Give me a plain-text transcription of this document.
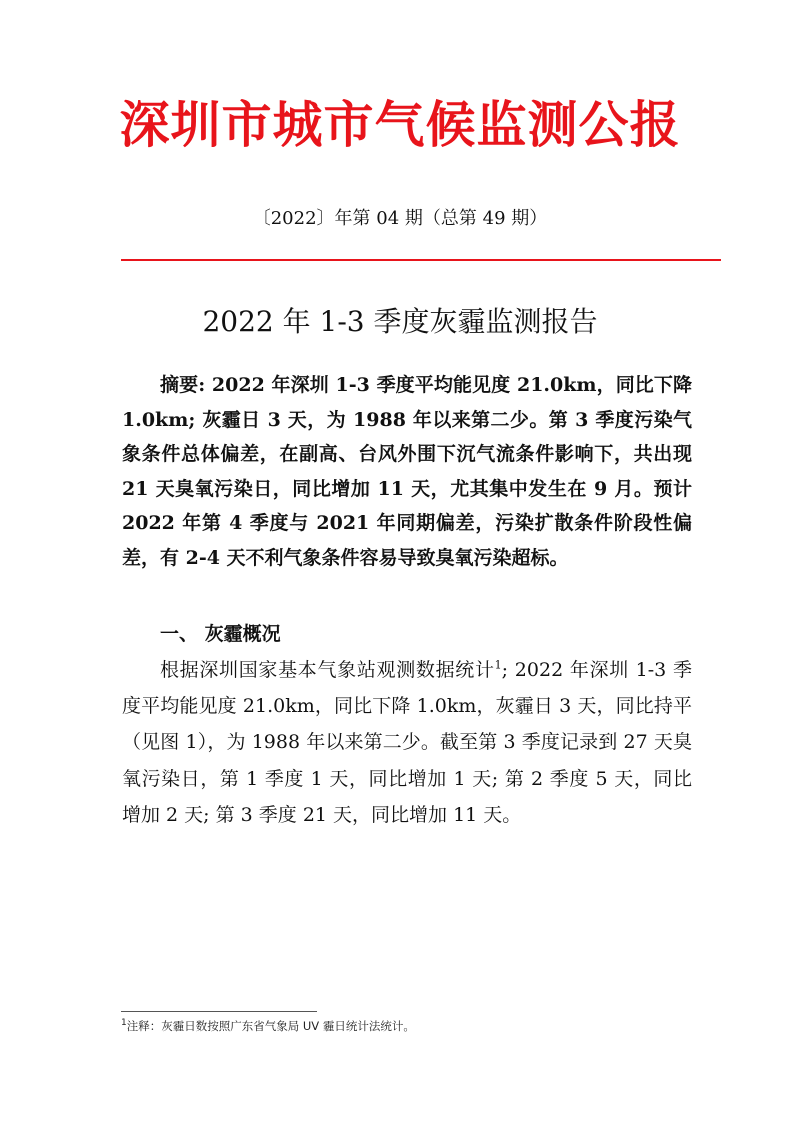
深圳市城市气候监测公报
〔2022〕年第 04 期（总第 49 期）
2022 年 1-3 季度灰霾监测报告
摘要: 2022 年深圳 1-3 季度平均能见度 21.0km，同比下降 1.0km; 灰霾日 3 天，为 1988 年以来第二少。第 3 季度污染气象条件总体偏差，在副高、台风外围下沉气流条件影响下，共出现 21 天臭氧污染日，同比增加 11 天，尤其集中发生在 9 月。预计 2022 年第 4 季度与 2021 年同期偏差，污染扩散条件阶段性偏差，有 2-4 天不利气象条件容易导致臭氧污染超标。
一、 灰霾概况
根据深圳国家基本气象站观测数据统计$^1$; 2022 年深圳 1-3 季度平均能见度 21.0km，同比下降 1.0km，灰霾日 3 天，同比持平（见图 1），为 1988 年以来第二少。截至第 3 季度记录到 27 天臭氧污染日，第 1 季度 1 天，同比增加 1 天; 第 2 季度 5 天，同比增加 2 天; 第 3 季度 21 天，同比增加 11 天。
$^1$注释：灰霾日数按照广东省气象局 UV 霾日统计法统计。
